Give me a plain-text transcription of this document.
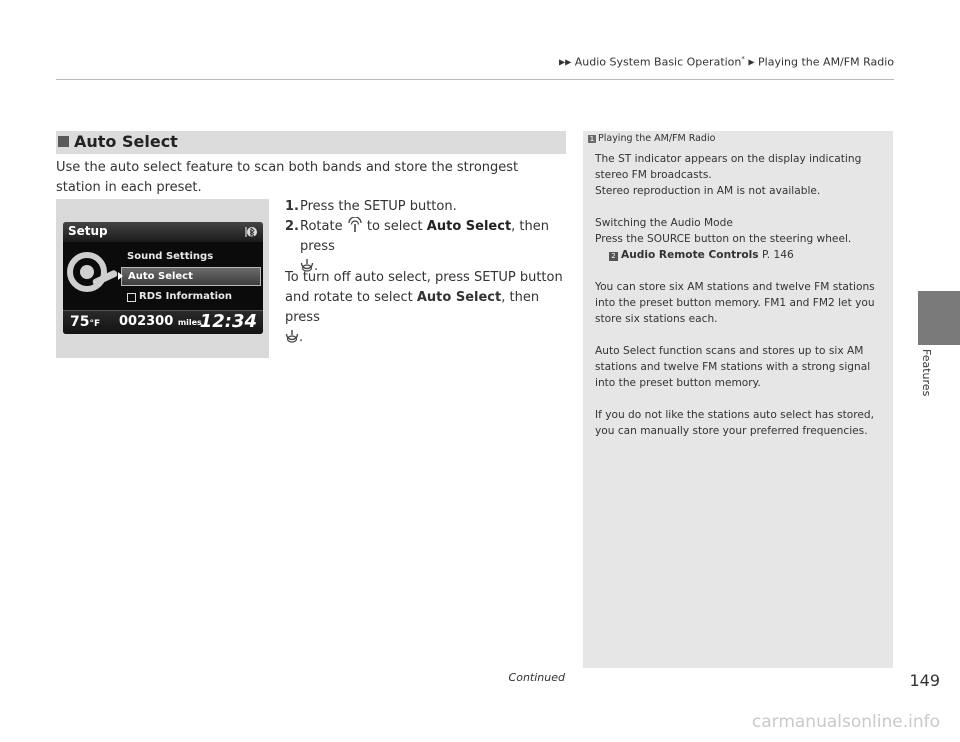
▶▶ Audio System Basic Operation* ▶ Playing the AM/FM Radio
Auto Select
Use the auto select feature to scan both bands and store the strongest station in each preset.
Setup
Sound Settings
Auto Select
RDS Information
75°F 002300 miles
12:34
1. Press the SETUP button.
2. Rotate to select Auto Select, then press
.
To turn off auto select, press SETUP button and rotate to select Auto Select, then press
.
1 Playing the AM/FM Radio

The ST indicator appears on the display indicating stereo FM broadcasts.

Stereo reproduction in AM is not available.

Switching the Audio Mode

Press the SOURCE button on the steering wheel.

2 Audio Remote Controls P. 146

You can store six AM stations and twelve FM stations into the preset button memory. FM1 and FM2 let you store six stations each.

Auto Select function scans and stores up to six AM stations and twelve FM stations with a strong signal into the preset button memory.

If you do not like the stations auto select has stored, you can manually store your preferred frequencies.

Features
Continued	149
carmanualsonline.info
